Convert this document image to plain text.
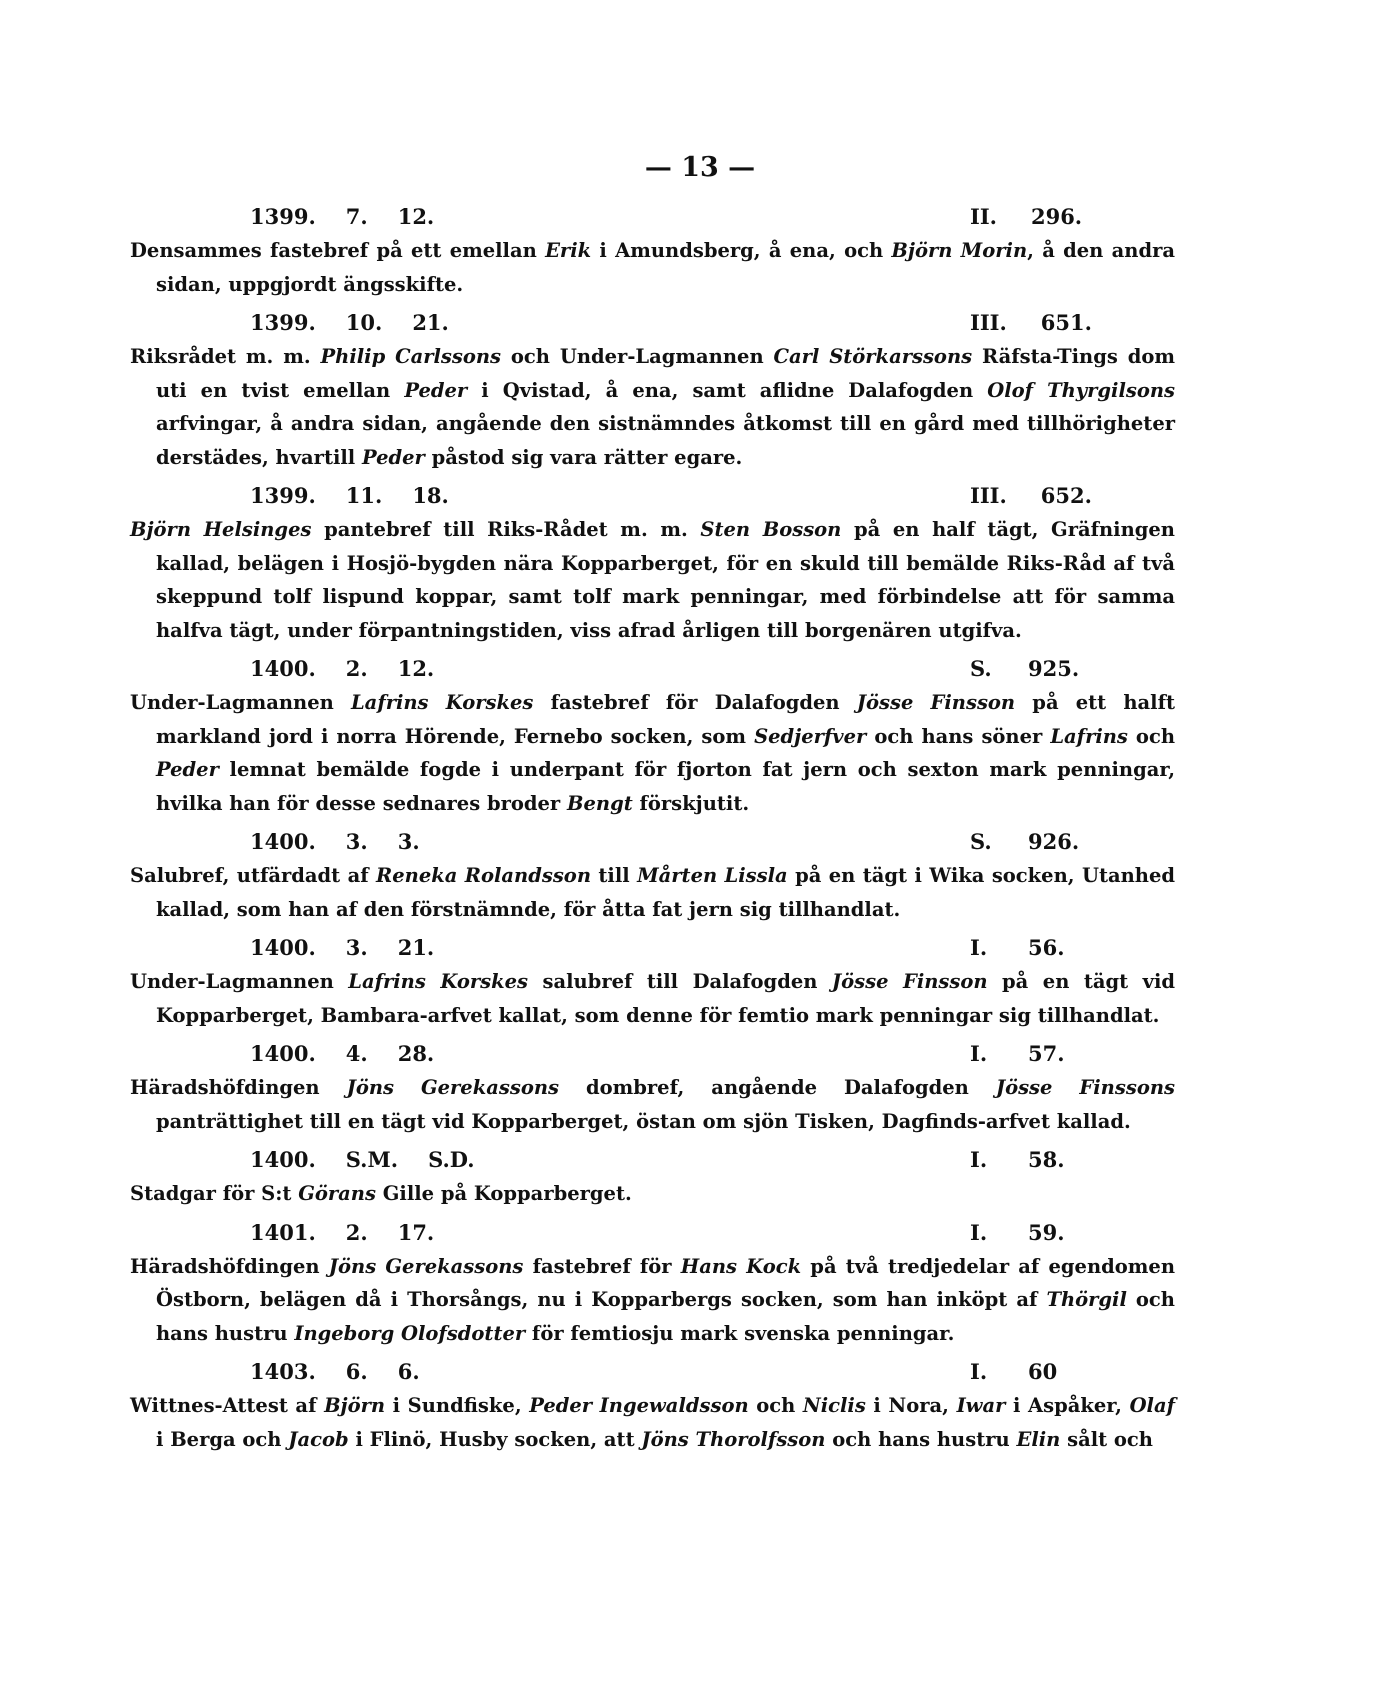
— 13 —
1399. 7. 12.	II. 296.
Densammes fastebref på ett emellan Erik i Amundsberg, å ena, och Björn Morin, å den andra sidan, uppgjordt ängsskifte.
1399. 10. 21.	III. 651.
Riksrådet m. m. Philip Carlssons och Under-Lagmannen Carl Störkarssons Räfsta-Tings dom uti en tvist emellan Peder i Qvistad, å ena, samt aflidne Dalafogden Olof Thyrgilsons arfvingar, å andra sidan, angående den sistnämndes åtkomst till en gård med tillhörigheter derstädes, hvartill Peder påstod sig vara rätter egare.
1399. 11. 18.	III. 652.
Björn Helsinges pantebref till Riks-Rådet m. m. Sten Bosson på en half tägt, Gräfningen kallad, belägen i Hosjö-bygden nära Kopparberget, för en skuld till bemälde Riks-Råd af två skeppund tolf lispund koppar, samt tolf mark penningar, med förbindelse att för samma halfva tägt, under förpantningstiden, viss afrad årligen till borgenären utgifva.
1400. 2. 12.	S. 925.
Under-Lagmannen Lafrins Korskes fastebref för Dalafogden Jösse Finsson på ett halft markland jord i norra Hörende, Fernebo socken, som Sedjerfver och hans söner Lafrins och Peder lemnat bemälde fogde i underpant för fjorton fat jern och sexton mark penningar, hvilka han för desse sednares broder Bengt förskjutit.
1400. 3. 3.	S. 926.
Salubref, utfärdadt af Reneka Rolandsson till Mårten Lissla på en tägt i Wika socken, Utanhed kallad, som han af den förstnämnde, för åtta fat jern sig tillhandlat.
1400. 3. 21.	I.	56.
Under-Lagmannen Lafrins Korskes salubref till Dalafogden Jösse Finsson på en tägt vid Kopparberget, Bambara-arfvet kallat, som denne för femtio mark penningar sig tillhandlat.
1400. 4. 28.	I.	57.
Häradshöfdingen Jöns Gerekassons dombref, angående Dalafogden Jösse Finssons panträttighet till en tägt vid Kopparberget, östan om sjön Tisken, Dagfinds-arfvet kallad.
1400. S.M. S.D.	I.	58.
Stadgar för S:t Görans Gille på Kopparberget.
1401. 2. 17.	I.	59.
Häradshöfdingen Jöns Gerekassons fastebref för Hans Kock på två tredjedelar af egendomen Östborn, belägen då i Thorsångs, nu i Kopparbergs socken, som han inköpt af Thörgil och hans hustru Ingeborg Olofsdotter för femtiosju mark svenska penningar.
1403. 6. 6.	I.	60
Wittnes-Attest af Björn i Sundfiske, Peder Ingewaldsson och Niclis i Nora, Iwar i Aspåker, Olaf i Berga och Jacob i Flinö, Husby socken, att Jöns Thorolfsson och hans hustru Elin sålt och
